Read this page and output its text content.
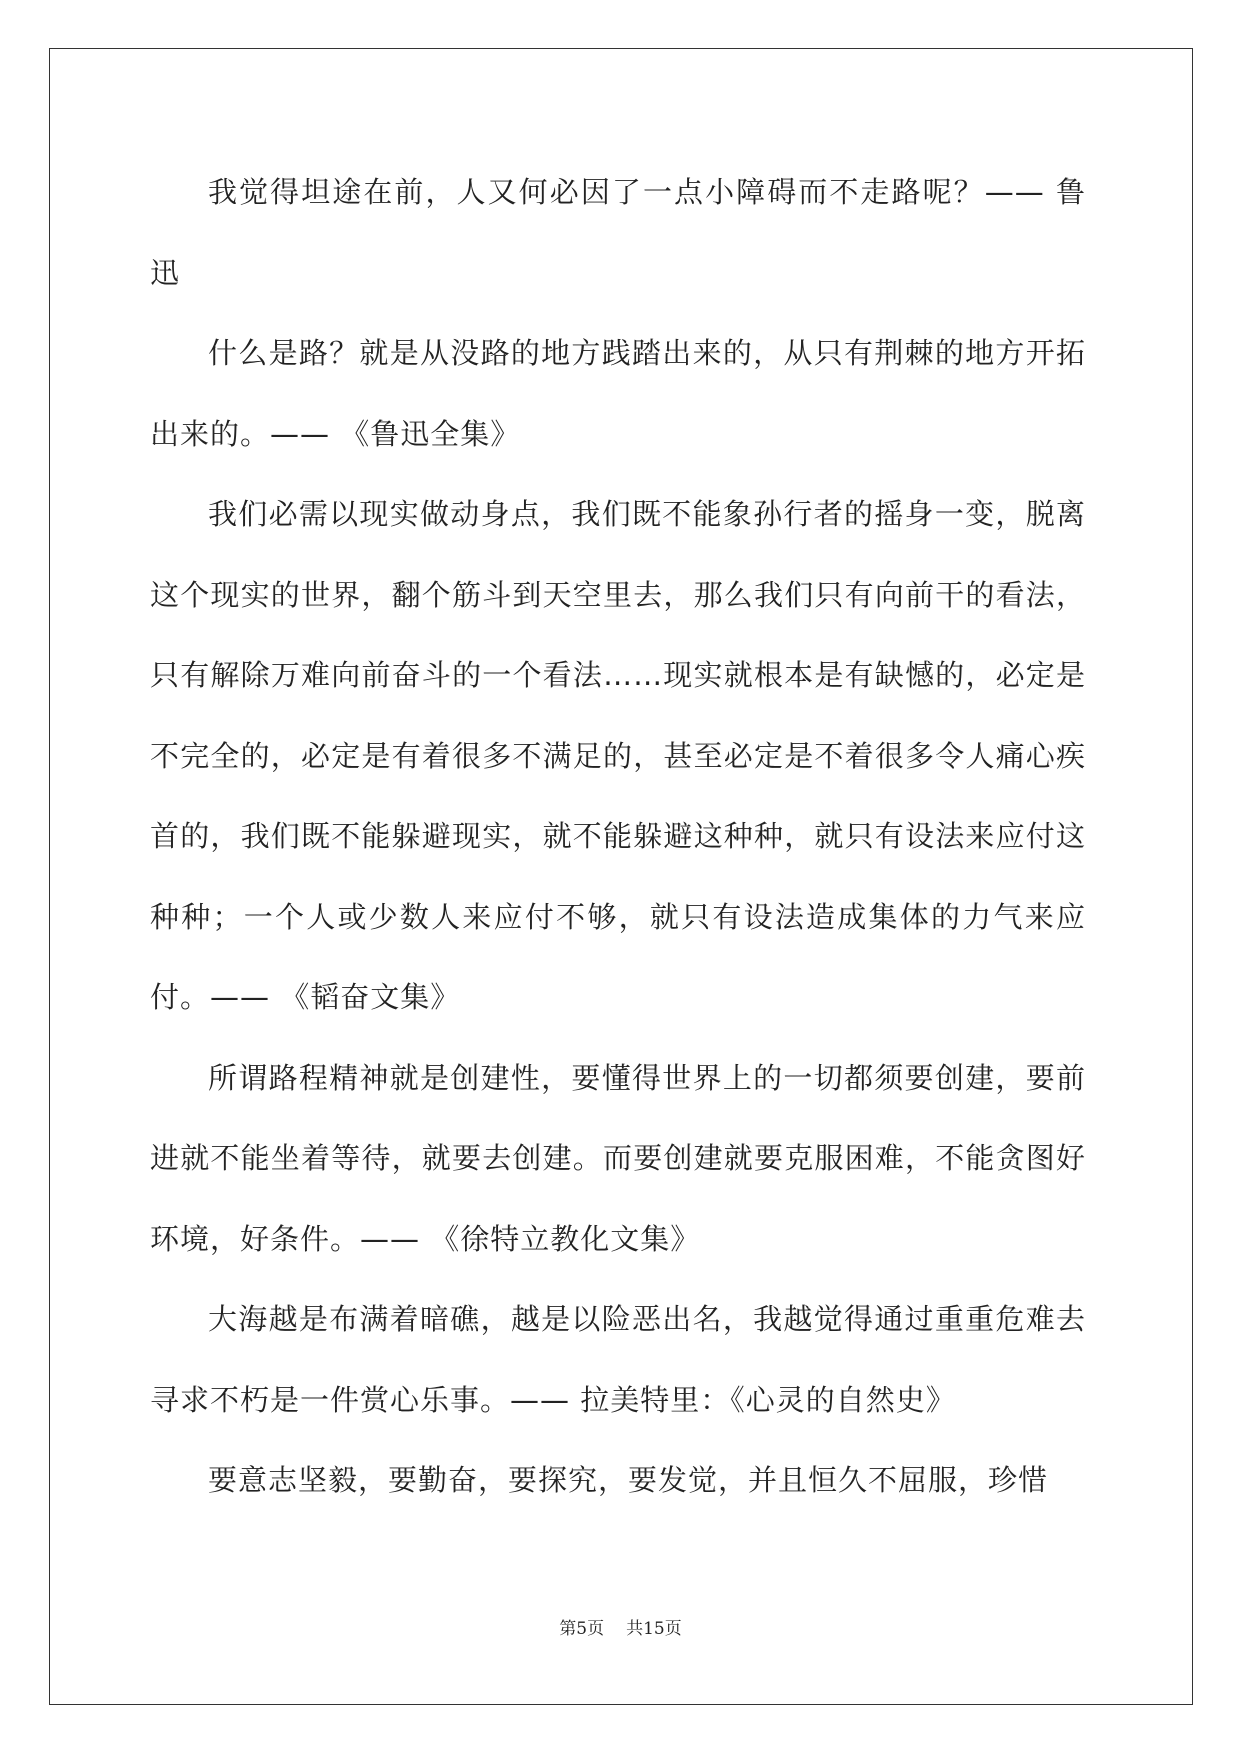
我觉得坦途在前，人又何必因了一点小障碍而不走路呢？—— 鲁迅

什么是路？就是从没路的地方践踏出来的，从只有荆棘的地方开拓出来的。—— 《鲁迅全集》

我们必需以现实做动身点，我们既不能象孙行者的摇身一变，脱离这个现实的世界，翻个筋斗到天空里去，那么我们只有向前干的看法，只有解除万难向前奋斗的一个看法……现实就根本是有缺憾的，必定是不完全的，必定是有着很多不满足的，甚至必定是不着很多令人痛心疾首的，我们既不能躲避现实，就不能躲避这种种，就只有设法来应付这种种；一个人或少数人来应付不够，就只有设法造成集体的力气来应付。—— 《韬奋文集》

所谓路程精神就是创建性，要懂得世界上的一切都须要创建，要前进就不能坐着等待，就要去创建。而要创建就要克服困难，不能贪图好环境，好条件。—— 《徐特立教化文集》

大海越是布满着暗礁，越是以险恶出名，我越觉得通过重重危难去寻求不朽是一件赏心乐事。—— 拉美特里：《心灵的自然史》

要意志坚毅，要勤奋，要探究，要发觉，并且恒久不屈服，珍惜

第5页 共15页
